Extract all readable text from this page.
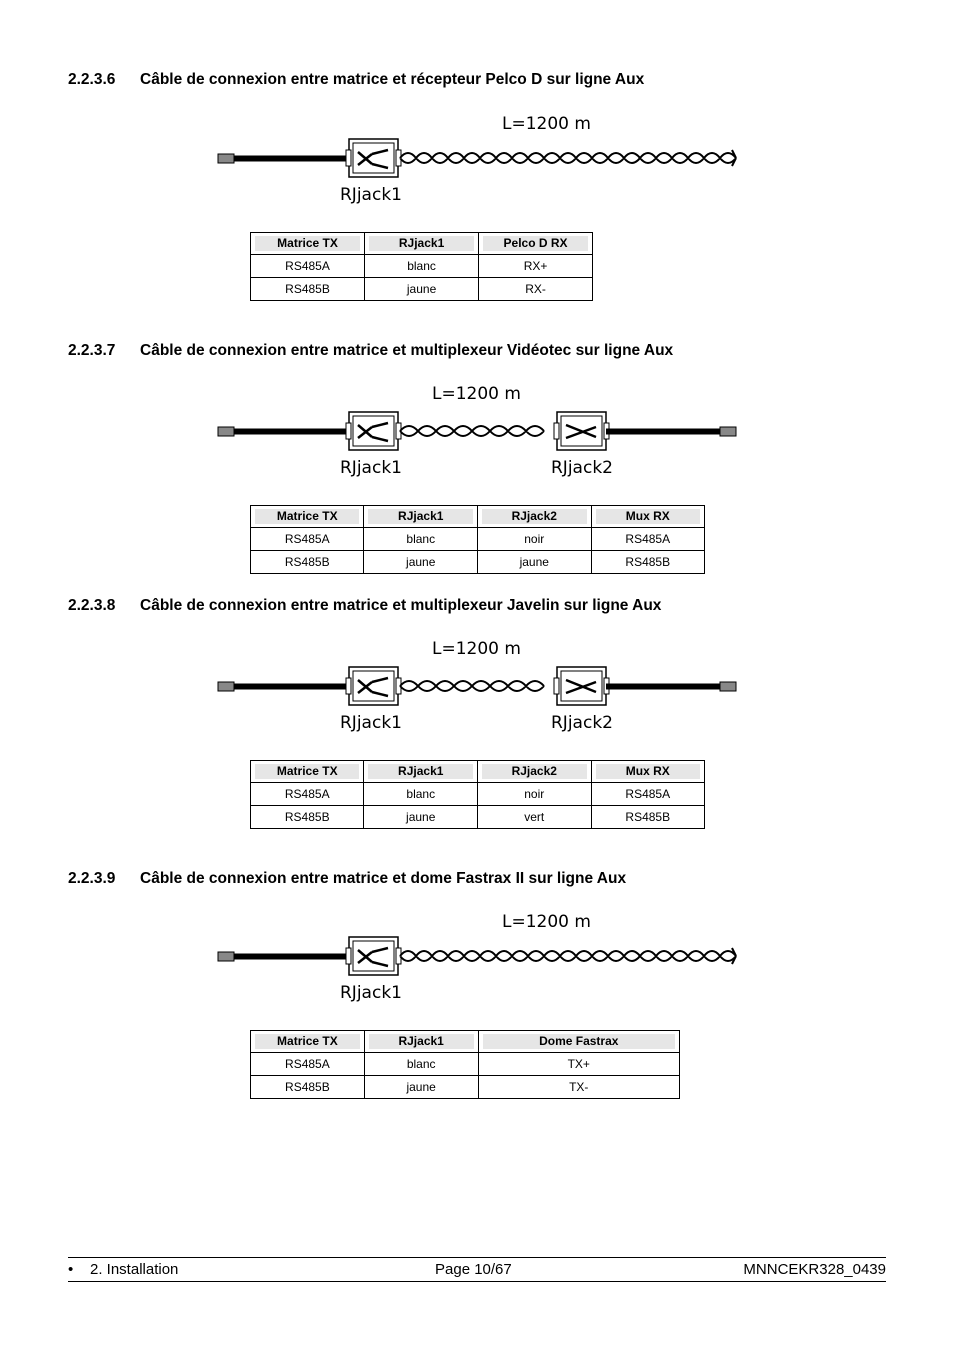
2.2.3.6 Câble de connexion entre matrice et récepteur Pelco D sur ligne Aux
L=1200 m
RJjack1
Matrice TX	RJjack1	Pelco D RX

RS485A	blanc	RX+
RS485B	jaune	RX-
2.2.3.7 Câble de connexion entre matrice et multiplexeur Vidéotec sur ligne Aux
L=1200 m
RJjack1	RJjack2
Matrice TX	RJjack1	RJjack2	Mux RX

RS485A	blanc	noir	RS485A
RS485B	jaune	jaune	RS485B
2.2.3.8 Câble de connexion entre matrice et multiplexeur Javelin sur ligne Aux
L=1200 m
RJjack1	RJjack2
Matrice TX	RJjack1	RJjack2	Mux RX

RS485A	blanc	noir	RS485A
RS485B	jaune	vert	RS485B
2.2.3.9 Câble de connexion entre matrice et dome Fastrax II sur ligne Aux
L=1200 m
RJjack1
Matrice TX	RJjack1	Dome Fastrax

RS485A	blanc	TX+
RS485B	jaune	TX-
• 2. Installation	Page 10/67	MNNCEKR328_0439
